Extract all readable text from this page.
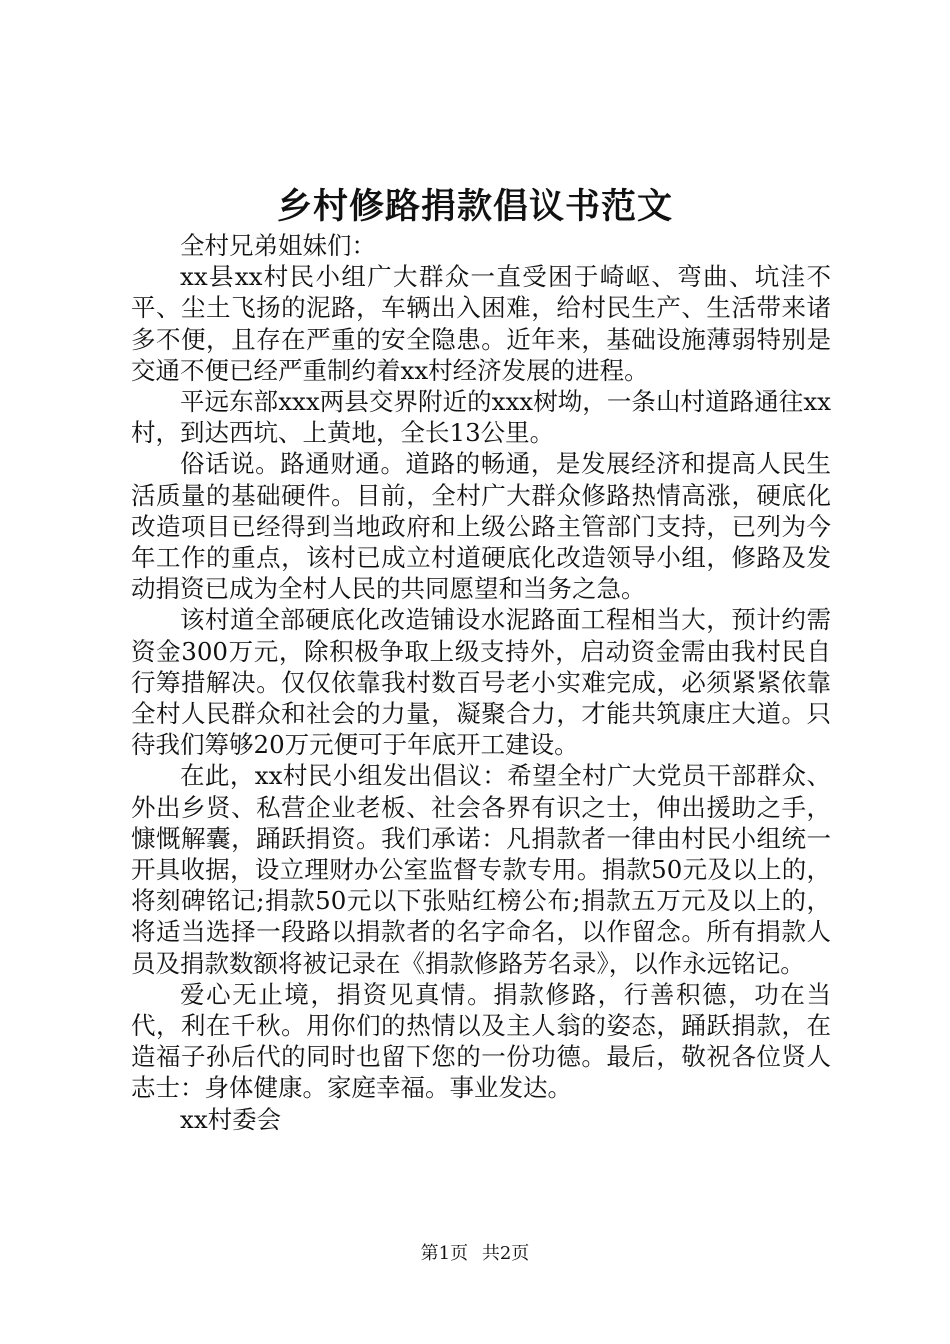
乡村修路捐款倡议书范文

全村兄弟姐妹们：

xx县xx村民小组广大群众一直受困于崎岖、弯曲、坑洼不平、尘土飞扬的泥路，车辆出入困难，给村民生产、生活带来诸多不便，且存在严重的安全隐患。近年来，基础设施薄弱特别是交通不便已经严重制约着xx村经济发展的进程。

平远东部xxx两县交界附近的xxx树坳，一条山村道路通往xx村，到达西坑、上黄地，全长13公里。

俗话说。路通财通。道路的畅通，是发展经济和提高人民生活质量的基础硬件。目前，全村广大群众修路热情高涨，硬底化改造项目已经得到当地政府和上级公路主管部门支持，已列为今年工作的重点，该村已成立村道硬底化改造领导小组，修路及发动捐资已成为全村人民的共同愿望和当务之急。

该村道全部硬底化改造铺设水泥路面工程相当大，预计约需资金300万元，除积极争取上级支持外，启动资金需由我村民自行筹措解决。仅仅依靠我村数百号老小实难完成，必须紧紧依靠全村人民群众和社会的力量，凝聚合力，才能共筑康庄大道。只待我们筹够20万元便可于年底开工建设。

在此，xx村民小组发出倡议：希望全村广大党员干部群众、外出乡贤、私营企业老板、社会各界有识之士，伸出援助之手，慷慨解囊，踊跃捐资。我们承诺：凡捐款者一律由村民小组统一开具收据，设立理财办公室监督专款专用。捐款50元及以上的，将刻碑铭记;捐款50元以下张贴红榜公布;捐款五万元及以上的，将适当选择一段路以捐款者的名字命名，以作留念。所有捐款人员及捐款数额将被记录在《捐款修路芳名录》，以作永远铭记。

爱心无止境，捐资见真情。捐款修路，行善积德，功在当代，利在千秋。用你们的热情以及主人翁的姿态，踊跃捐款，在造福子孙后代的同时也留下您的一份功德。最后，敬祝各位贤人志士：身体健康。家庭幸福。事业发达。

xx村委会

第1页 共2页
